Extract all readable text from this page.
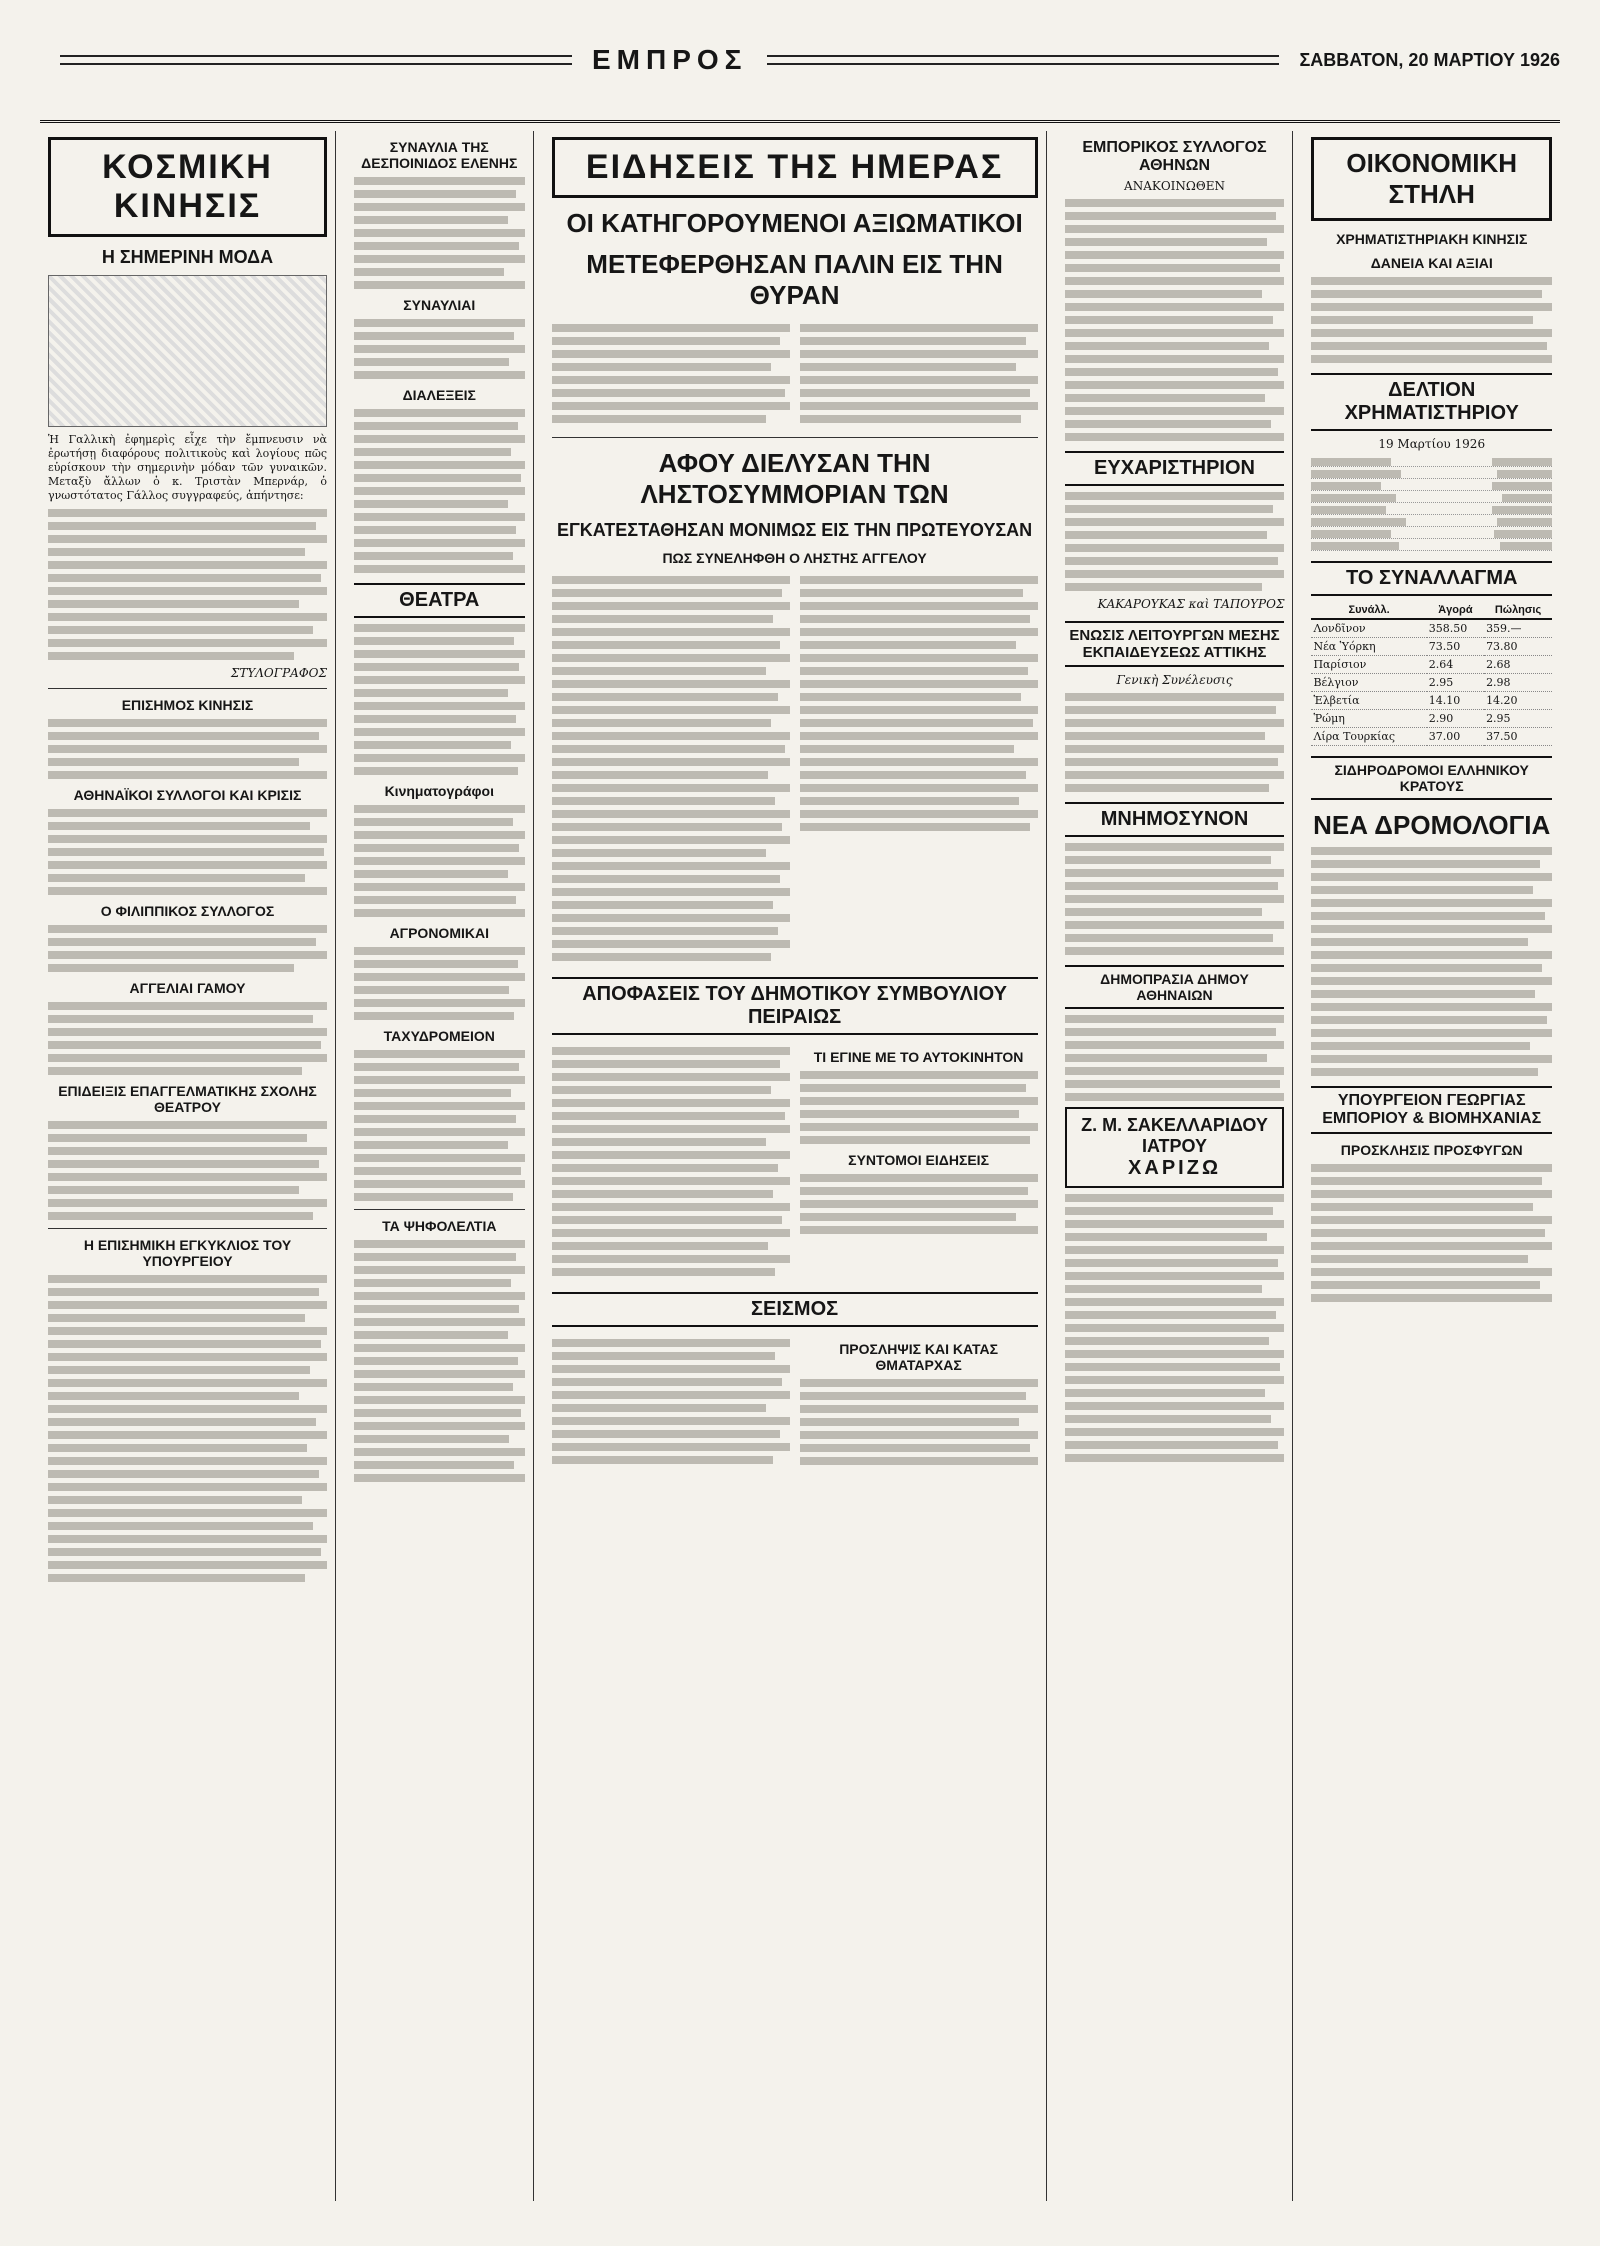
ΕΜΠΡΟΣ	ΣΑΒΒΑΤΟΝ, 20 ΜΑΡΤΙΟΥ 1926
ΚΟΣΜΙΚΗ ΚΙΝΗΣΙΣ
Η ΣΗΜΕΡΙΝΗ ΜΟΔΑ
Ἡ Γαλλικὴ ἐφημερὶς εἶχε τὴν ἔμπνευσιν νὰ ἐρωτήσῃ διαφόρους πολιτικοὺς καὶ λογίους πῶς εὑρίσκουν τὴν σημερινὴν μόδαν τῶν γυναικῶν. Μεταξὺ ἄλλων ὁ κ. Τριστὰν Μπερνάρ, ὁ γνωστότατος Γάλλος συγγραφεύς, ἀπήντησε:
ΣΤΥΛΟΓΡΑΦΟΣ
ΕΠΙΣΗΜΟΣ ΚΙΝΗΣΙΣ
ΑΘΗΝΑΪΚΟΙ ΣΥΛΛΟΓΟΙ ΚΑΙ ΚΡΙΣΙΣ
Ο ΦΙΛΙΠΠΙΚΟΣ ΣΥΛΛΟΓΟΣ
ΑΓΓΕΛΙΑΙ ΓΑΜΟΥ
ΕΠΙΔΕΙΞΙΣ ΕΠΑΓΓΕΛΜΑΤΙΚΗΣ ΣΧΟΛΗΣ ΘΕΑΤΡΟΥ
Η ΕΠΙΣΗΜΙΚΗ ΕΓΚΥΚΛΙΟΣ ΤΟΥ ΥΠΟΥΡΓΕΙΟΥ
ΣΥΝΑΥΛΙΑ ΤΗΣ ΔΕΣΠΟΙΝΙΔΟΣ ΕΛΕΝΗΣ
ΣΥΝΑΥΛΙΑΙ
ΔΙΑΛΕΞΕΙΣ
ΘΕΑΤΡΑ
Κινηματογράφοι
ΑΓΡΟΝΟΜΙΚΑΙ
ΤΑΧΥΔΡΟΜΕΙΟΝ
ΤΑ ΨΗΦΟΛΕΛΤΙΑ
ΕΙΔΗΣΕΙΣ ΤΗΣ ΗΜΕΡΑΣ
ΟΙ ΚΑΤΗΓΟΡΟΥΜΕΝΟΙ ΑΞΙΩΜΑΤΙΚΟΙ
ΜΕΤΕΦΕΡΘΗΣΑΝ ΠΑΛΙΝ ΕΙΣ ΤΗΝ ΘΥΡΑΝ
ΑΦΟΥ ΔΙΕΛΥΣΑΝ ΤΗΝ ΛΗΣΤΟΣΥΜΜΟΡΙΑΝ ΤΩΝ
ΕΓΚΑΤΕΣΤΑΘΗΣΑΝ ΜΟΝΙΜΩΣ ΕΙΣ ΤΗΝ ΠΡΩΤΕΥΟΥΣΑΝ
ΠΩΣ ΣΥΝΕΛΗΦΘΗ Ο ΛΗΣΤΗΣ ΑΓΓΕΛΟΥ
ΑΠΟΦΑΣΕΙΣ ΤΟΥ ΔΗΜΟΤΙΚΟΥ ΣΥΜΒΟΥΛΙΟΥ ΠΕΙΡΑΙΩΣ
ΤΙ ΕΓΙΝΕ ΜΕ ΤΟ ΑΥΤΟΚΙΝΗΤΟΝ
ΣΥΝΤΟΜΟΙ ΕΙΔΗΣΕΙΣ
ΣΕΙΣΜΟΣ
ΠΡΟΣΛΗΨΙΣ ΚΑΙ ΚΑΤΑΣ ΘΜΑΤΑΡΧΑΣ
ΕΜΠΟΡΙΚΟΣ ΣΥΛΛΟΓΟΣ ΑΘΗΝΩΝ
ΑΝΑΚΟΙΝΩΘΕΝ
ΕΥΧΑΡΙΣΤΗΡΙΟΝ
ΚΑΚΑΡΟΥΚΑΣ καὶ ΤΑΠΟΥΡΟΣ
ΕΝΩΣΙΣ ΛΕΙΤΟΥΡΓΩΝ ΜΕΣΗΣ ΕΚΠΑΙΔΕΥΣΕΩΣ ΑΤΤΙΚΗΣ
Γενικὴ Συνέλευσις
ΜΝΗΜΟΣΥΝΟΝ
ΔΗΜΟΠΡΑΣΙΑ ΔΗΜΟΥ ΑΘΗΝΑΙΩΝ
Ζ. Μ. ΣΑΚΕΛΛΑΡΙΔΟΥ ΙΑΤΡΟΥ
ΧΑΡΙΖΩ
ΟΙΚΟΝΟΜΙΚΗ ΣΤΗΛΗ
ΧΡΗΜΑΤΙΣΤΗΡΙΑΚΗ ΚΙΝΗΣΙΣ
ΔΑΝΕΙΑ ΚΑΙ ΑΞΙΑΙ
ΔΕΛΤΙΟΝ ΧΡΗΜΑΤΙΣΤΗΡΙΟΥ
19 Μαρτίου 1926
ΤΟ ΣΥΝΑΛΛΑΓΜΑ
Συνάλλ.	Ἀγορά	Πώλησις
Λονδῖνον	358.50	359.—
Νέα Ὑόρκη	73.50	73.80
Παρίσιον	2.64	2.68
Βέλγιον	2.95	2.98
Ἑλβετία	14.10	14.20
Ῥώμη	2.90	2.95
Λίρα Τουρκίας	37.00	37.50
ΣΙΔΗΡΟΔΡΟΜΟΙ ΕΛΛΗΝΙΚΟΥ ΚΡΑΤΟΥΣ
ΝΕΑ ΔΡΟΜΟΛΟΓΙΑ
ΥΠΟΥΡΓΕΙΟΝ ΓΕΩΡΓΙΑΣ ΕΜΠΟΡΙΟΥ & ΒΙΟΜΗΧΑΝΙΑΣ
ΠΡΟΣΚΛΗΣΙΣ ΠΡΟΣΦΥΓΩΝ
